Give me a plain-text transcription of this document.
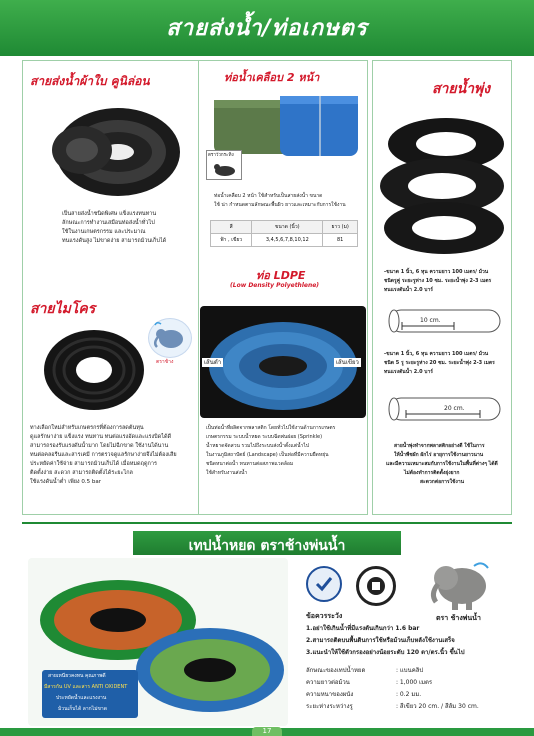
สายส่งน้ำ/ท่อเกษตร
สายส่งน้ำผ้าใบ คูนิล่อน
เป็นสายส่งน้ำชนิดพิเศษ แข็งแรงทนทาน
ลักษณะการทำงานเสมือนท่อส่งน้ำทั่วไป
ใช้ในงานเกษตรกรรม และประมาณ
ทนแรงดันสูง ไม่ขาดง่าย สามารถม้วนเก็บได้
สายไมโคร
ตราช้าง
ทางเลือกใหม่สำหรับเกษตรกรที่ต้องการลดต้นทุน
ดูแลรักษาง่าย แข็งแรง ทนทาน ทนต่อแรงอัดและแรงบิดได้ดี
สามารถรองรับแรงดันน้ำมาก โดยไม่ฉีกขาด ใช้งานได้นาน
ทนต่อคลอรีนและสารเคมี การตรวจดูแลรักษาง่ายจึงไม่ต้องเสีย
ประหยัดค่าใช้จ่าย สามารถม้วนเก็บได้ เมื่อหมดฤดูการ
ติดตั้งง่าย สะดวก สามารถติดตั้งได้ระยะไกล
ใช้แรงดันน้ำต่ำ เพียง 0.5 bar
ท่อน้ำเคลือบ 2 หน้า
ตราวัวกระทิง
ท่อน้ำเคลือบ 2 หน้า ใช้สำหรับเป็นสายส่งน้ำ ขนาด
ใช้ น่า กำหนดตามลักษณะพื้นผิว ยาวและเหมาะกับการใช้งาน
สี	ขนาด (นิ้ว)	ยาว (ม)
ฟ้า , เขียว	3,4,5,6,7,8,10,12	81
ท่อ LDPE
(Low Density Polyethlene)
เส้นดำ	เส้นเขียว
เป็นท่อน้ำที่ผลิตจากพลาสติก โดยทั่วไปใช้งานด้านการเกษตร
เกษตรกรรม ระบบน้ำหยด ระบบฉีดพ่นฝอย (Sprinkle)
น้ำหยาดจัดสวน รวมไปถึงระบบส่งน้ำตั้งแต่น้ำไป
ในงานภูมิสถาปัตย์ (Landscape) เป็นท่อที่มีความยืดหยุ่น
ชนิดหนาต่อน้ำ ทนทานต่อสภาพแวดล้อม
ใช้สำหรับงานส่งน้ำ
สายน้ำพุ่ง
-ขนาด 1 นิ้ว, 6 หุน ความยาว 100 เมตร/ ม้วน
ชนิดรูคู่ ระยะรูห่าง 10 ซม. ระยะน้ำพุ่ง 2-3 เมตร
ทนแรงดันน้ำ 2.0 บาร์
10 cm.
-ขนาด 1 นิ้ว, 6 หุน ความยาว 100 เมตร/ ม้วน
ชนิด 5 รู ระยะรูห่าง 20 ซม. ระยะน้ำพุ่ง 2-3 เมตร
ทนแรงดันน้ำ 2.0 บาร์
20 cm.
สายน้ำพุ่งทำจากพลาสติกอย่างดี ใช้ในการ
ให้น้ำพืชผัก ผักไร่ อายุการใช้งานยาวนาน
และมีความเหมาะสมกับการใช้งานในพื้นที่ต่างๆ ได้ดี
ไม่ต้องทำการติดตั้งยุ่งยาก
สะดวกต่อการใช้งาน
เทปน้ำหยด ตราช้างพ่นน้ำ
สายเหนียวคงทน คุณภาพดี
มีสารกัน UV และสาร ANTI OXIDENT
ประหยัดน้ำและแรงงาน
ม้วนเก็บได้ ลากไม่ขาด
ตรา ช้างพ่นน้ำ
ข้อควรระวัง
1.อย่าใช้เกินน้ำที่มีแรงดันเกินกว่า 1.6 bar
2.สามารถติดบนพื้นดินการใช้หรือม้วนเก็บหลังใช้งานเสร็จ
3.แนะนำให้ใช้ตัวกรองอย่างน้อยระดับ 120 ตา/ตร.นิ้ว ขึ้นไป
ลักษณะของเทปน้ำหยด	: แบนคลิป
ความยาวต่อม้วน	: 1,000 เมตร
ความหนาของผนัง	: 0.2 มม.
ระยะห่างระหว่างรู	: สีเขียว 20 cm. / สีส้ม 30 cm.
17
